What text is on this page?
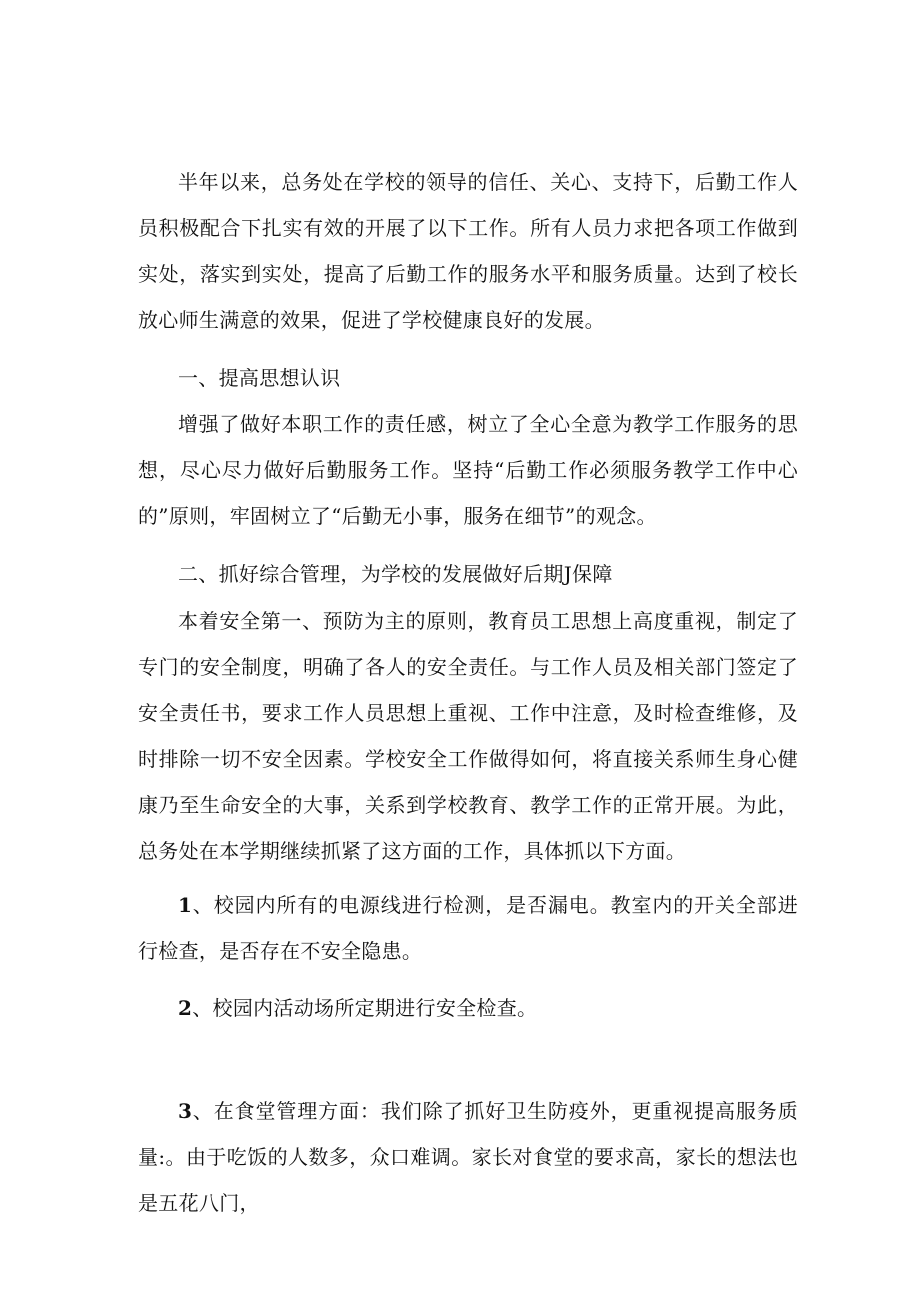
半年以来，总务处在学校的领导的信任、关心、支持下，后勤工作人员积极配合下扎实有效的开展了以下工作。所有人员力求把各项工作做到实处，落实到实处，提高了后勤工作的服务水平和服务质量。达到了校长放心师生满意的效果，促进了学校健康良好的发展。

一、提高思想认识

增强了做好本职工作的责任感，树立了全心全意为教学工作服务的思想，尽心尽力做好后勤服务工作。坚持“后勤工作必须服务教学工作中心的”原则，牢固树立了“后勤无小事，服务在细节”的观念。

二、抓好综合管理，为学校的发展做好后期J保障

本着安全第一、预防为主的原则，教育员工思想上高度重视，制定了专门的安全制度，明确了各人的安全责任。与工作人员及相关部门签定了安全责任书，要求工作人员思想上重视、工作中注意，及时检查维修，及时排除一切不安全因素。学校安全工作做得如何，将直接关系师生身心健康乃至生命安全的大事，关系到学校教育、教学工作的正常开展。为此，总务处在本学期继续抓紧了这方面的工作，具体抓以下方面。

1、校园内所有的电源线进行检测，是否漏电。教室内的开关全部进行检查，是否存在不安全隐患。

2、校园内活动场所定期进行安全检查。

3、在食堂管理方面：我们除了抓好卫生防疫外，更重视提高服务质量:。由于吃饭的人数多，众口难调。家长对食堂的要求高，家长的想法也是五花八门，
